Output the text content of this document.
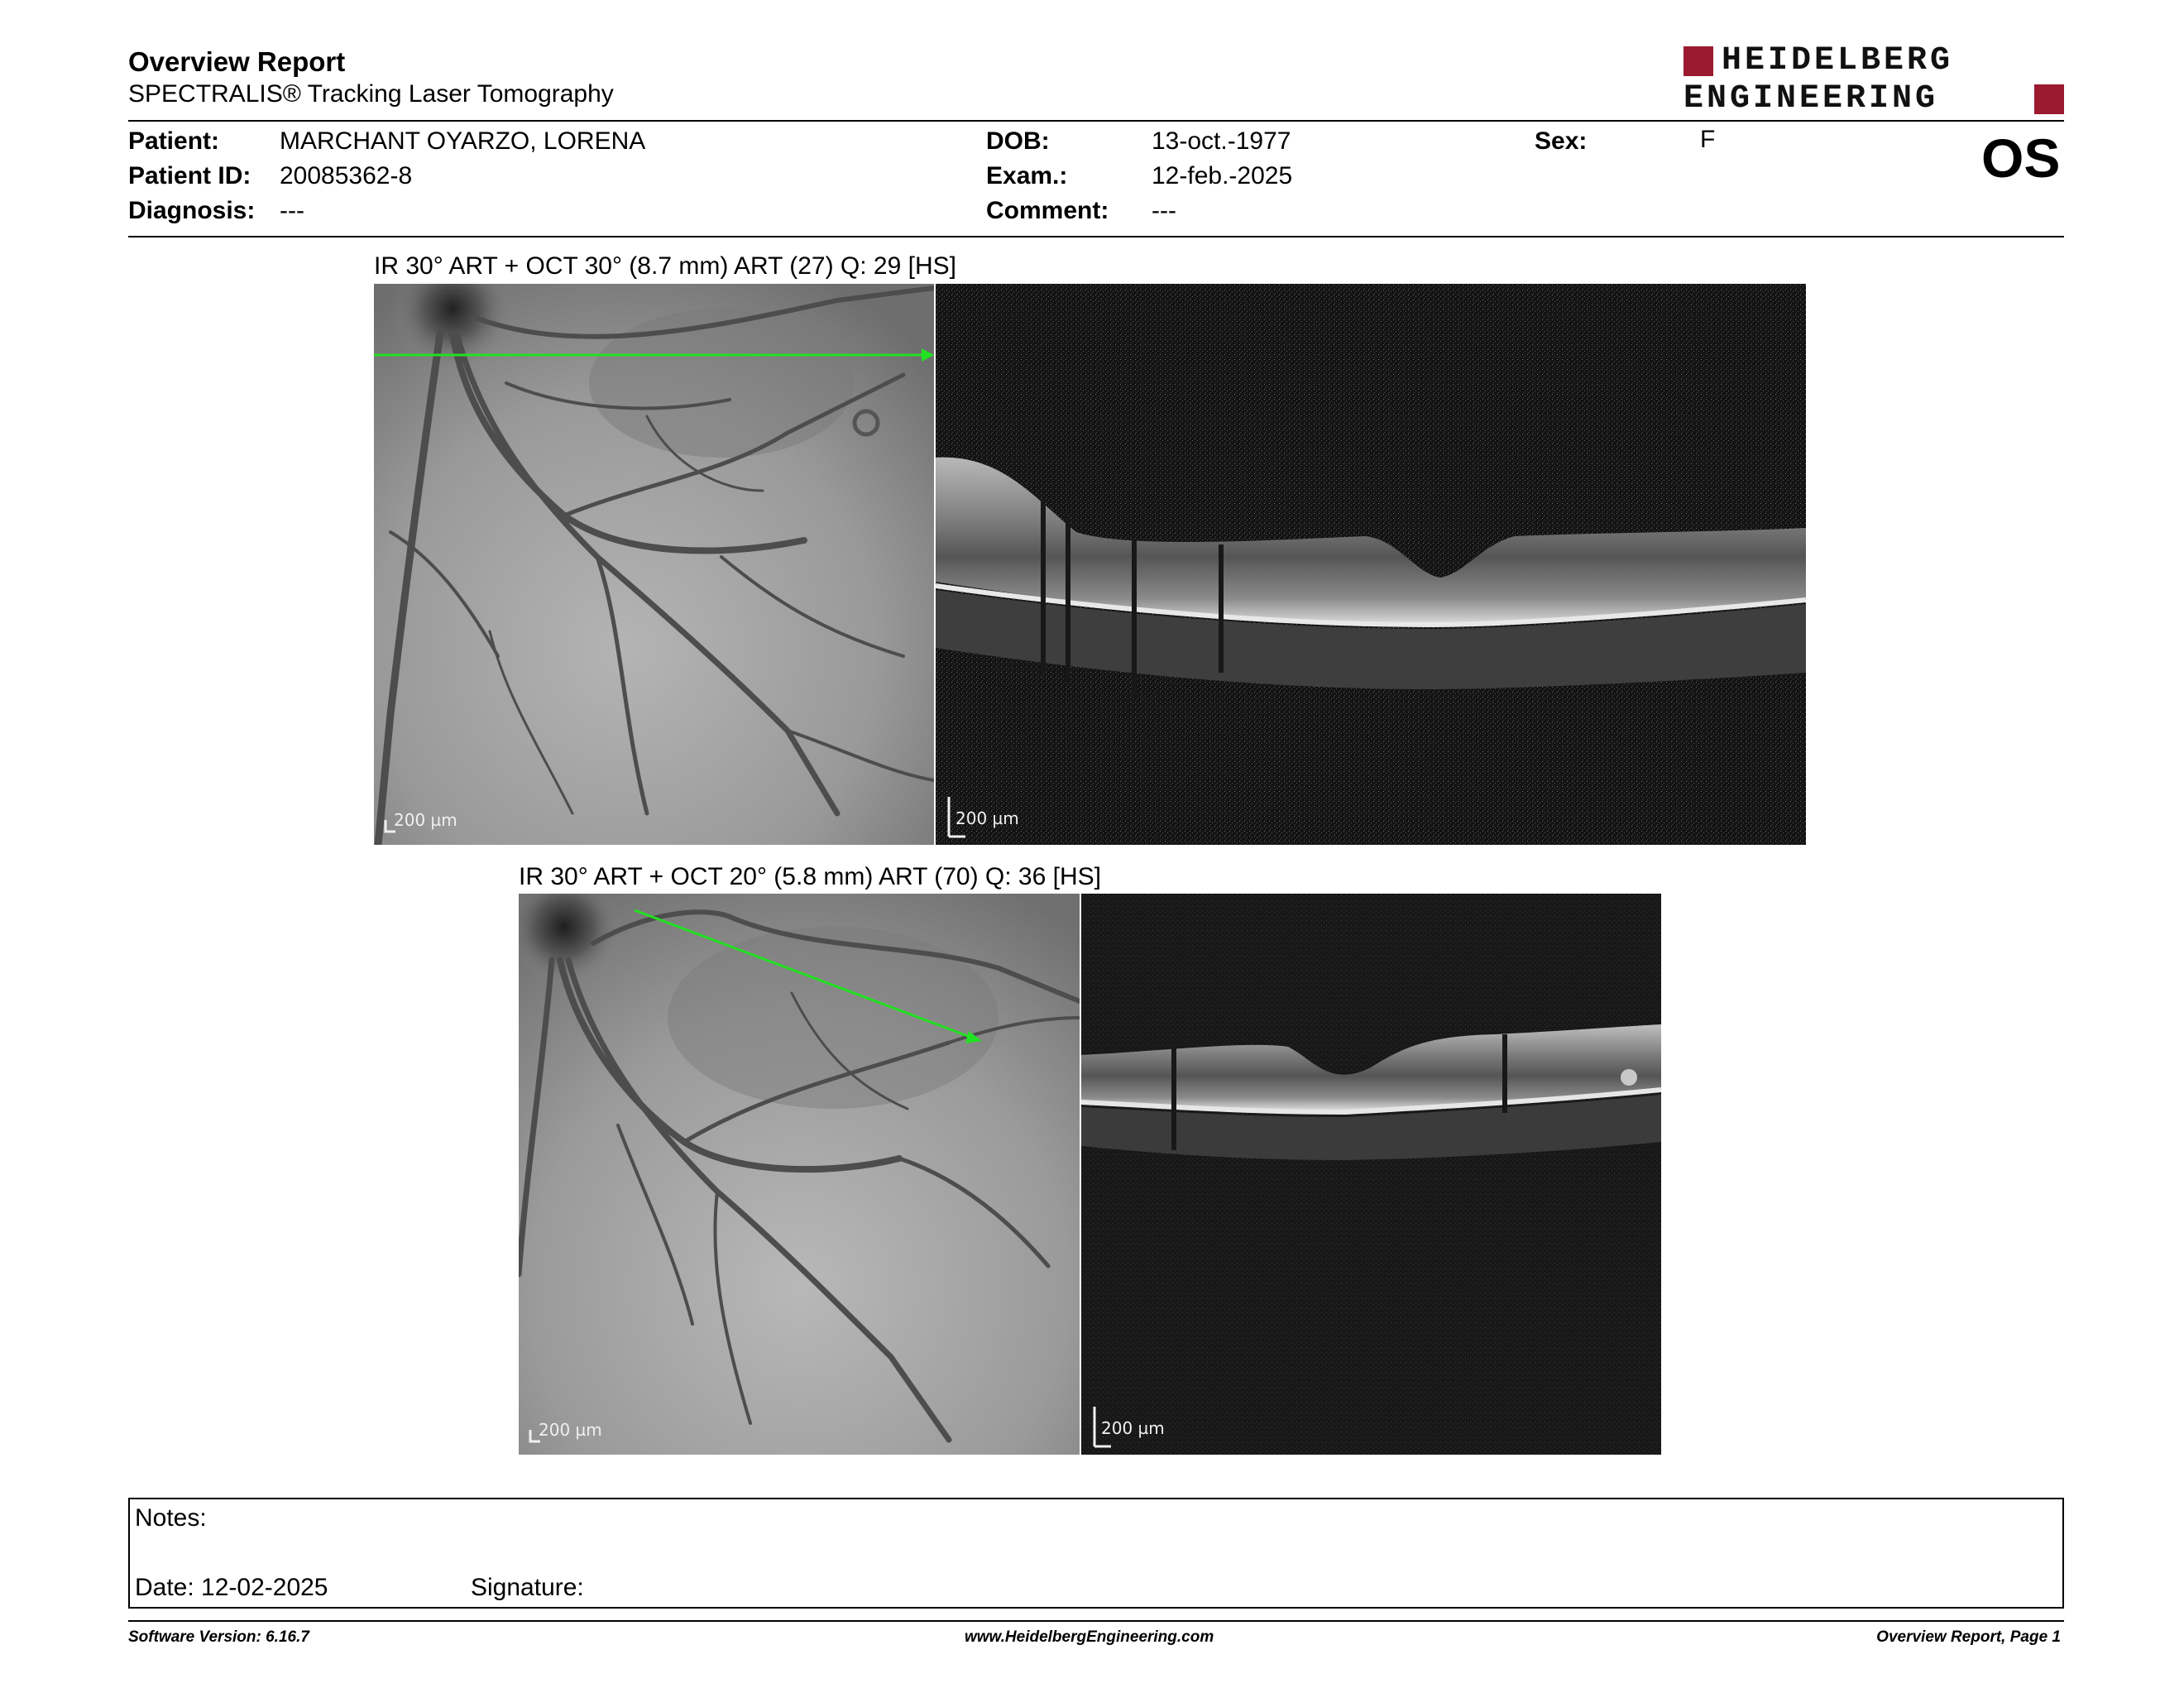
Overview Report
SPECTRALIS® Tracking Laser Tomography
HEIDELBERG
ENGINEERING
Patient: MARCHANT OYARZO, LORENA
Patient ID: 20085362-8
Diagnosis: ---
DOB:	13-oct.-1977
Exam.:	12-feb.-2025
Comment: ---
Sex:	F	OS
IR 30° ART + OCT 30° (8.7 mm) ART (27) Q: 29 [HS]
200 µm	200 µm
IR 30° ART + OCT 20° (5.8 mm) ART (70) Q: 36 [HS]
200 µm	200 µm
Notes:
Date: 12-02-2025	Signature:
Software Version: 6.16.7	www.HeidelbergEngineering.com	Overview Report, Page 1
